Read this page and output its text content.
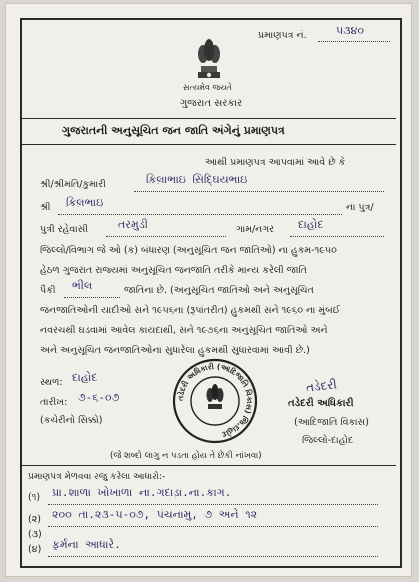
પ્રમાણપત્ર નં.	૫૩૪૦
સત્યમેવ જયતે
ગુજરાત સરકાર
ગુજરાતની અનુસૂચિત જન જાતિ અંગેનું પ્રમાણપત્ર
આથી પ્રમાણપત્ર આપવામાં આવે છે કે
શ્રી/શ્રીમતિ/કુમારી	ક઼િલ઼ા઼ભાઇ સ઼િદ્ઘિયભાઇ
શ્રી કિ઼લ઼ભાઇ઼	ના પુત્ર/
પુત્રી રહેવાસી	તરમુડી	ગામ/નગર દાહોદ
જિલ્લો/વિભાગ જે ઓ (ક) બંધારણ (અનુસૂચિત જન જાતિઓ) ના હુકમ-૧૯૫૦
હેઠળ ગુજરાત રાજ્યમાં અનુસૂચિત જનજાતિ તરીકે માન્ય કરેલી જાતિ
પૈકી ભીલ	જાતિના છે. (અનુસૂચિત જાતિઓ અને અનુસૂચિત
જનજાતિઓની યાદીઓ સને ૧૯૫૬ના (રૂપાંતરીત) હુકમથી સને ૧૯૬૦ ના મુંબઈ
નવરચથી ઘડવામાં આવેલ કાયદાથી, સને ૧૯૭૬ના અનુસૂચિત જાતિઓ અને
અને અનુસૂચિત જનજાતિઓના સુધારેલા હુકમથી સુધારવામાં આવી છે.)
સ્થળ: દાહોદ
તારીખ: ૭-૬-૦૭
(કચેરીનો સિક્કો)
તડેદરી અધિકારી (આદિજાતિ વિકાસ) જિ.દાહોદ
તડેદરી
તડેદરી અધિકારી
(આદિજાતિ વિકાસ)
જિલ્લો-દાહોદ
(જે શબ્દો લાગુ ન પડતા હોય તે છેકી નાંખવા)
પ્રમાણપત્ર મેળવવા રજુ કરેલા આધારો:-
(૧) પ્રા.શાળા ખોખાળા ના.ગદાડ઼ા.ના.કાગ.
(૨) ૨૦૦ તા.૨૩-૫-૦૭, પંચનામુ, ૭ અને ૧૨
(૩)
(૪) ફ઼ર્મના આધારે.
